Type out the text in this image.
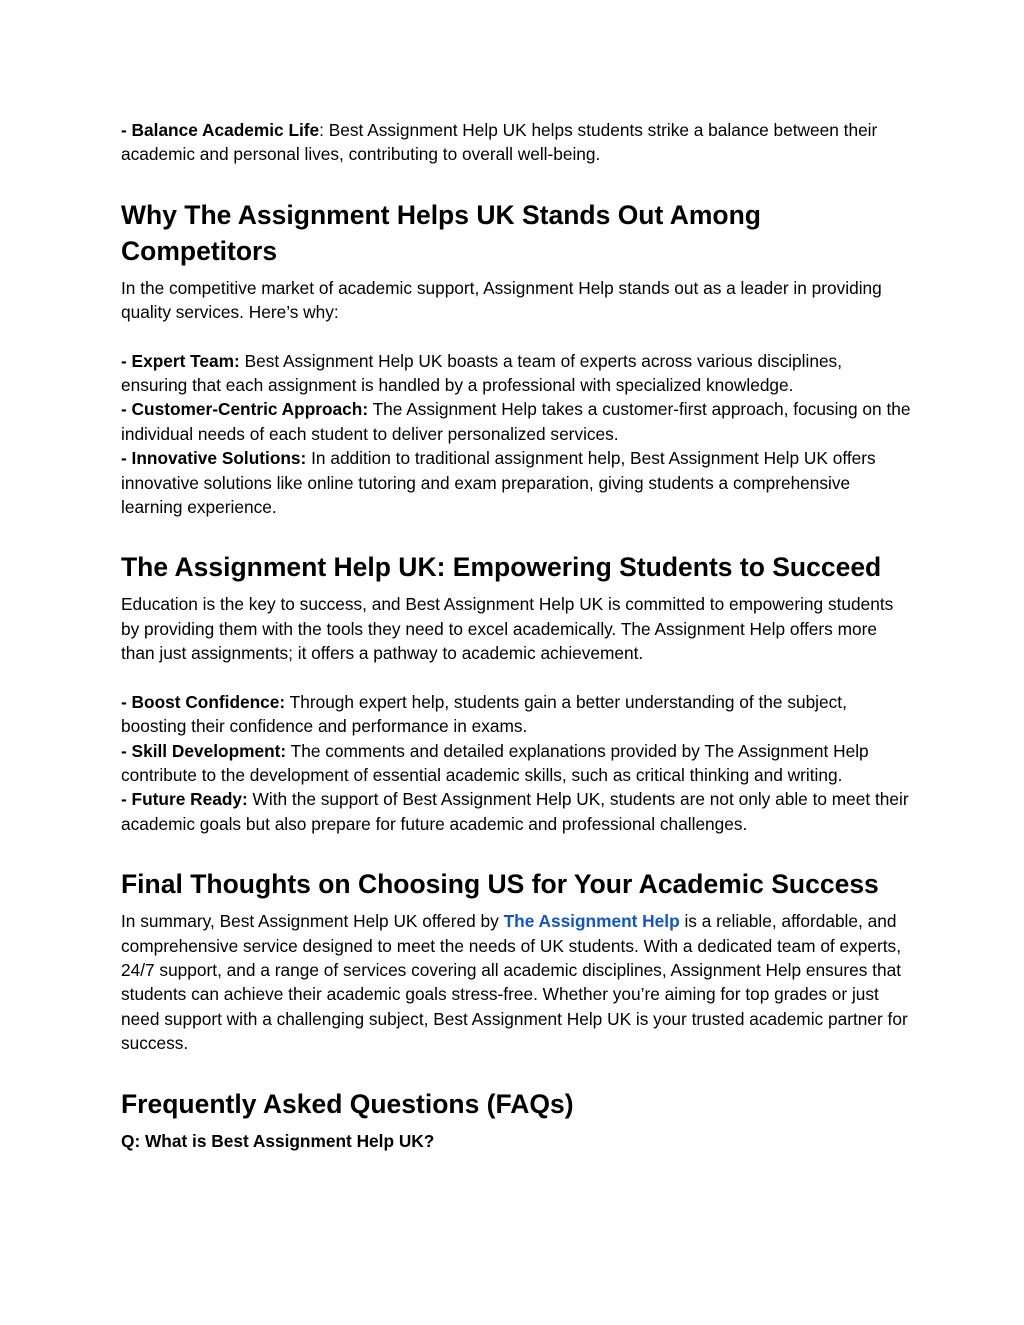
- Balance Academic Life: Best Assignment Help UK helps students strike a balance between their academic and personal lives, contributing to overall well-being.

Why The Assignment Helps UK Stands Out Among Competitors

In the competitive market of academic support, Assignment Help stands out as a leader in providing quality services. Here’s why:

- Expert Team: Best Assignment Help UK boasts a team of experts across various disciplines, ensuring that each assignment is handled by a professional with specialized knowledge.

- Customer-Centric Approach: The Assignment Help takes a customer-first approach, focusing on the individual needs of each student to deliver personalized services.

- Innovative Solutions: In addition to traditional assignment help, Best Assignment Help UK offers innovative solutions like online tutoring and exam preparation, giving students a comprehensive learning experience.

The Assignment Help UK: Empowering Students to Succeed

Education is the key to success, and Best Assignment Help UK is committed to empowering students by providing them with the tools they need to excel academically. The Assignment Help offers more than just assignments; it offers a pathway to academic achievement.

- Boost Confidence: Through expert help, students gain a better understanding of the subject, boosting their confidence and performance in exams.

- Skill Development: The comments and detailed explanations provided by The Assignment Help contribute to the development of essential academic skills, such as critical thinking and writing.

- Future Ready: With the support of Best Assignment Help UK, students are not only able to meet their academic goals but also prepare for future academic and professional challenges.

Final Thoughts on Choosing US for Your Academic Success

In summary, Best Assignment Help UK offered by The Assignment Help is a reliable, affordable, and comprehensive service designed to meet the needs of UK students. With a dedicated team of experts, 24/7 support, and a range of services covering all academic disciplines, Assignment Help ensures that students can achieve their academic goals stress-free. Whether you’re aiming for top grades or just need support with a challenging subject, Best Assignment Help UK is your trusted academic partner for success.

Frequently Asked Questions (FAQs)

Q: What is Best Assignment Help UK?
